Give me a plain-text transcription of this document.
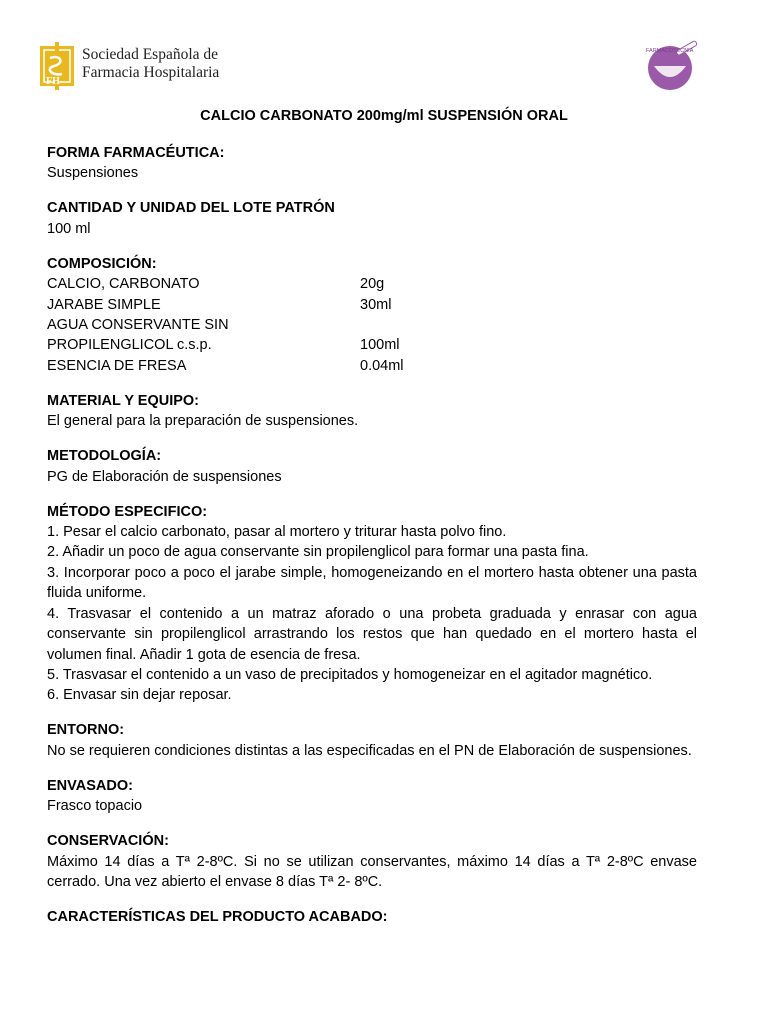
FH
Sociedad Española de
Farmacia Hospitalaria
FARMACOTECNIA
CALCIO CARBONATO 200mg/ml SUSPENSIÓN ORAL
FORMA FARMACÉUTICA:
Suspensiones
CANTIDAD Y UNIDAD DEL LOTE PATRÓN
100 ml
COMPOSICIÓN:
CALCIO, CARBONATO	20g
JARABE SIMPLE	30ml
AGUA CONSERVANTE SIN
PROPILENGLICOL c.s.p.	100ml
ESENCIA DE FRESA	0.04ml
MATERIAL Y EQUIPO:
El general para la preparación de suspensiones.
METODOLOGÍA:
PG de Elaboración de suspensiones
MÉTODO ESPECIFICO:
1. Pesar el calcio carbonato, pasar al mortero y triturar hasta polvo fino.
2. Añadir un poco de agua conservante sin propilenglicol para formar una pasta fina.
3. Incorporar poco a poco el jarabe simple, homogeneizando en el mortero hasta obtener una pasta fluida uniforme.
4. Trasvasar el contenido a un matraz aforado o una probeta graduada y enrasar con agua conservante sin propilenglicol arrastrando los restos que han quedado en el mortero hasta el volumen final. Añadir 1 gota de esencia de fresa.
5. Trasvasar el contenido a un vaso de precipitados y homogeneizar en el agitador magnético.
6. Envasar sin dejar reposar.
ENTORNO:
No se requieren condiciones distintas a las especificadas en el PN de Elaboración de suspensiones.
ENVASADO:
Frasco topacio
CONSERVACIÓN:
Máximo 14 días a Tª 2-8ºC. Si no se utilizan conservantes, máximo 14 días a Tª 2-8ºC envase cerrado. Una vez abierto el envase 8 días Tª 2- 8ºC.
CARACTERÍSTICAS DEL PRODUCTO ACABADO:
